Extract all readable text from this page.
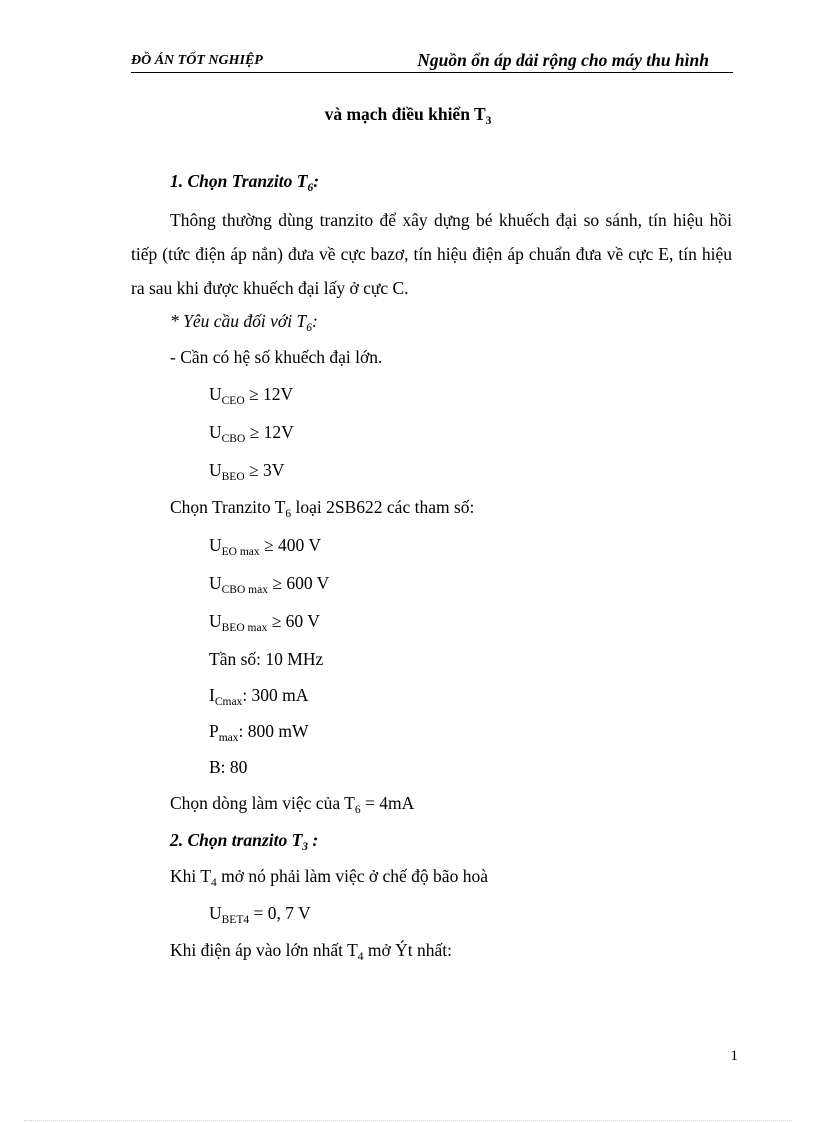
ĐỒ ÁN TỐT NGHIỆP	Nguồn ổn áp dải rộng cho máy thu hình
và mạch điều khiển $T_3$
1. Chọn Tranzito $T_6$:
Thông thường dùng tranzito để xây dựng bé khuếch đại so sánh, tín hiệu hồi tiếp (tức điện áp nắn) đưa về cực bazơ, tín hiệu điện áp chuẩn đưa về cực E, tín hiệu ra sau khi được khuếch đại lấy ở cực C.
* Yêu cầu đối với $T_6$:
- Cần có hệ số khuếch đại lớn.
$U_{CEO} \ge 12V$
$U_{CBO} \ge 12V$
$U_{BEO} \ge 3V$
Chọn Tranzito $T_6$ loại 2SB622 các tham số:
$U_{EO max} \ge 400$ V
$U_{CBO max} \ge 600$ V
$U_{BEO max} \ge 60$ V
Tần số: 10 MHz
$I_{Cmax}$: 300 mA
$P_{max}$: 800 mW
B: 80
Chọn dòng làm việc của $T_6 = 4mA$
2. Chọn tranzito $T_3$ :
Khi $T_4$ mở nó phải làm việc ở chế độ bão hoà
$U_{BET4} = 0$, 7 V
Khi điện áp vào lớn nhất $T_4$ mở Ýt nhất:
1
